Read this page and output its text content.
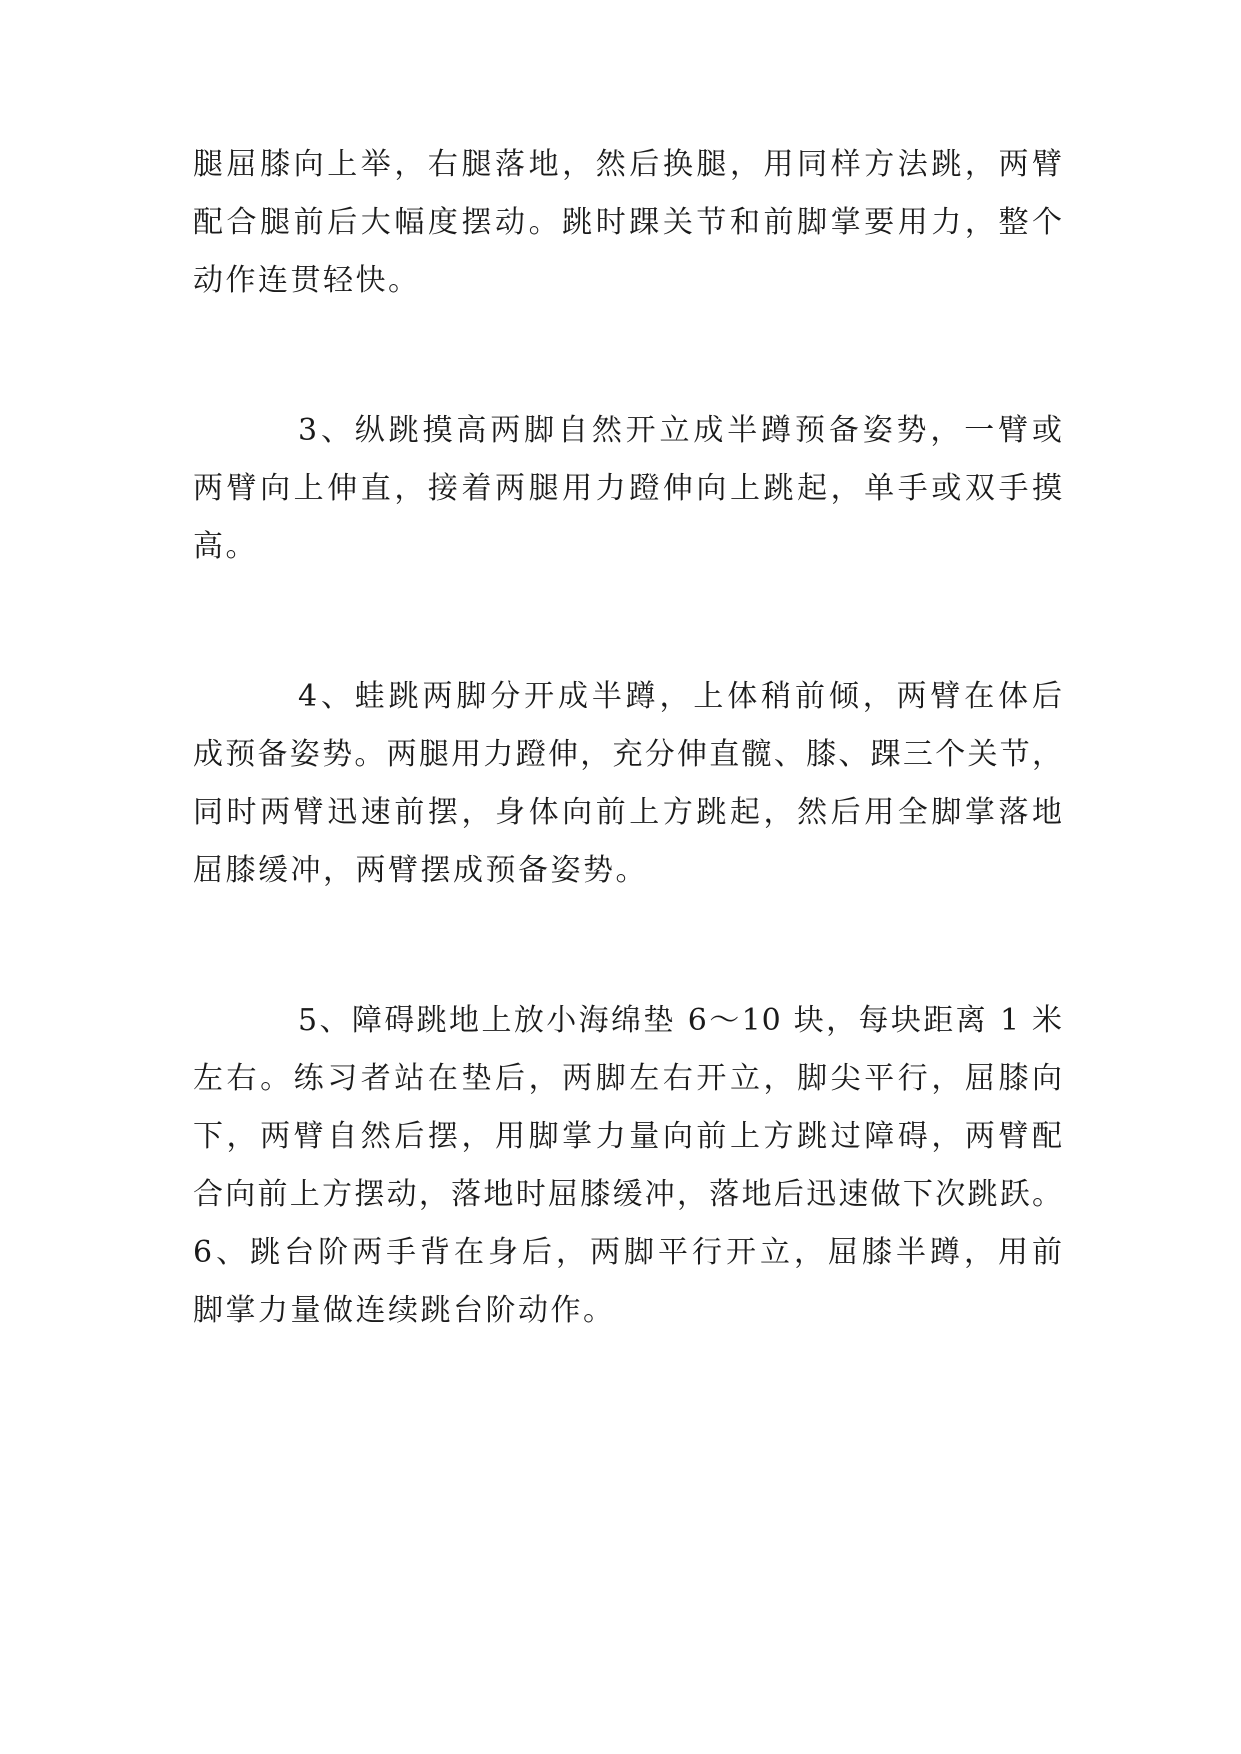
腿屈膝向上举，右腿落地，然后换腿，用同样方法跳，两臂
配合腿前后大幅度摆动。跳时踝关节和前脚掌要用力，整个
动作连贯轻快。
3、纵跳摸高两脚自然开立成半蹲预备姿势，一臂或
两臂向上伸直，接着两腿用力蹬伸向上跳起，单手或双手摸
高。
4、蛙跳两脚分开成半蹲，上体稍前倾，两臂在体后
成预备姿势。两腿用力蹬伸，充分伸直髋、膝、踝三个关节，
同时两臂迅速前摆，身体向前上方跳起，然后用全脚掌落地
屈膝缓冲，两臂摆成预备姿势。
5、障碍跳地上放小海绵垫 6～10 块，每块距离 1 米
左右。练习者站在垫后，两脚左右开立，脚尖平行，屈膝向
下，两臂自然后摆，用脚掌力量向前上方跳过障碍，两臂配
合向前上方摆动，落地时屈膝缓冲，落地后迅速做下次跳跃。
6、跳台阶两手背在身后，两脚平行开立，屈膝半蹲，用前
脚掌力量做连续跳台阶动作。
